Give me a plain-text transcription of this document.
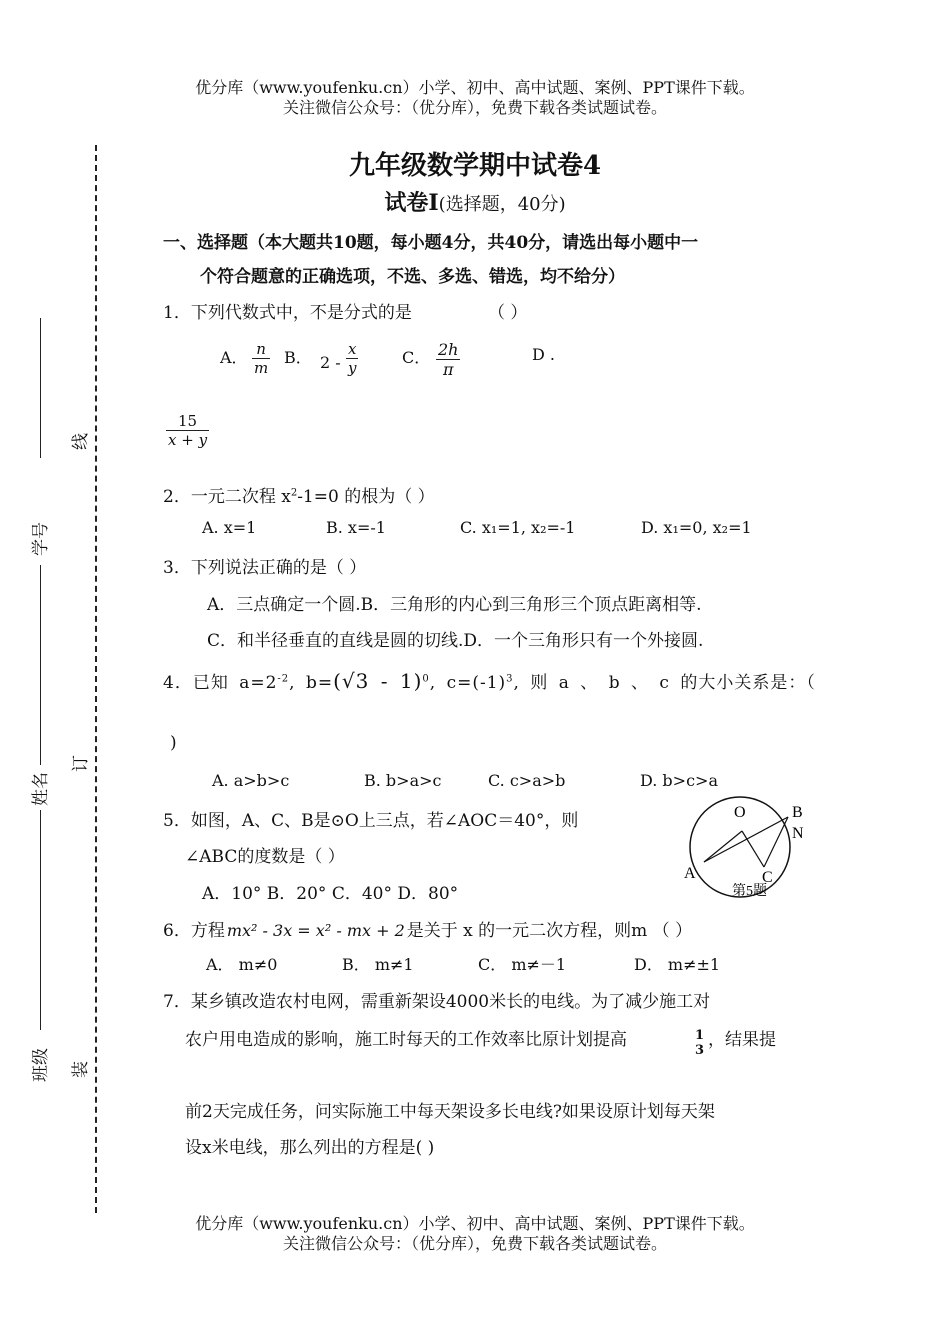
优分库（www.youfenku.cn）小学、初中、高中试题、案例、PPT课件下载。
关注微信公众号：（优分库），免费下载各类试题试卷。
线
学号
订
姓名
装
班级
九年级数学期中试卷4
试卷Ⅰ(选择题，40分)
一、选择题（本大题共10题，每小题4分，共40分，请选出每小题中一
个符合题意的正确选项，不选、多选、错选，均不给分）
1．下列代数式中，不是分式的是	（ ）
A． $\frac{n}{m}$ B． $2 - \frac{x}{y}$	C． $\frac{2h}{\pi}$	D .
$\frac{15}{x + y}$
2．一元二次程 $x^2-1=0$ 的根为（ ）
A. x=1	B. x=-1	C. x₁=1, x₂=-1	D. x₁=0, x₂=1
3．下列说法正确的是（ ）
A．三点确定一个圆.B．三角形的内心到三角形三个顶点距离相等.
C．和半径垂直的直线是圆的切线.D．一个三角形只有一个外接圆.
4．已知 $a=2^{-2}$, b=(√3 - 1)$^0$, $c=(-1)^3$, 则 a 、 b 、 c 的大小关系是：（
)
A. a>b>c	B. b>a>c	C. c>a>b	D. b>c>a
5．如图，A、C、B是⊙O上三点，若∠AOC＝40°，则
∠ABC的度数是（ ）
A．10° B．20° C．40° D．80°
O	B
N
A	C
第5题
6．方程 mx² - 3x = x² - mx + 2 是关于 x 的一元二次方程，则m （ ）
A． m≠0	B． m≠1	C． m≠－1	D． m≠±1
7．某乡镇改造农村电网，需重新架设4000米长的电线。为了减少施工对
农户用电造成的影响，施工时每天的工作效率比原计划提高	1
3
，结果提
前2天完成任务，问实际施工中每天架设多长电线?如果设原计划每天架
设x米电线，那么列出的方程是( )
优分库（www.youfenku.cn）小学、初中、高中试题、案例、PPT课件下载。
关注微信公众号：（优分库），免费下载各类试题试卷。
